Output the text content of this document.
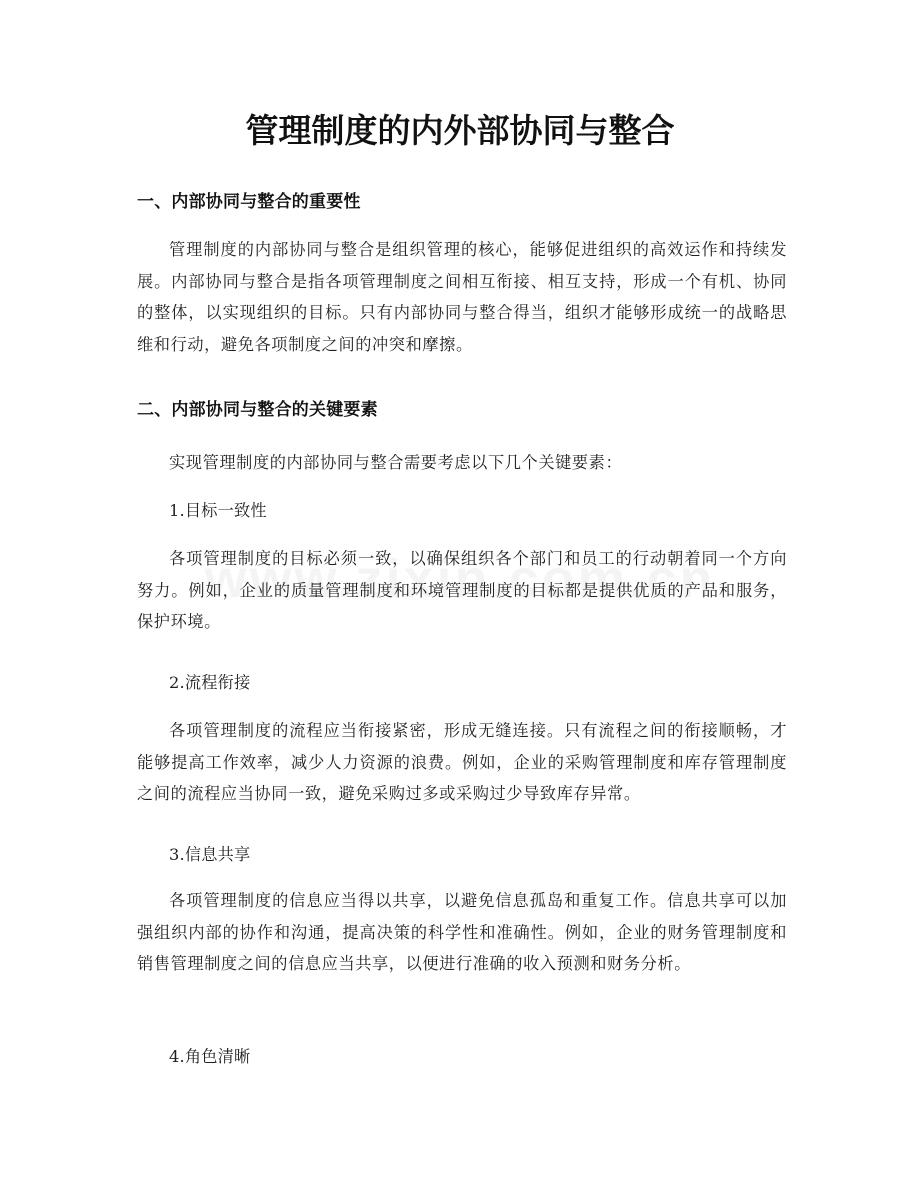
管理制度的内外部协同与整合
一、内部协同与整合的重要性

管理制度的内部协同与整合是组织管理的核心，能够促进组织的高效运作和持续发展。内部协同与整合是指各项管理制度之间相互衔接、相互支持，形成一个有机、协同的整体，以实现组织的目标。只有内部协同与整合得当，组织才能够形成统一的战略思维和行动，避免各项制度之间的冲突和摩擦。

二、内部协同与整合的关键要素

实现管理制度的内部协同与整合需要考虑以下几个关键要素：

1.目标一致性

各项管理制度的目标必须一致，以确保组织各个部门和员工的行动朝着同一个方向努力。例如，企业的质量管理制度和环境管理制度的目标都是提供优质的产品和服务，保护环境。

2.流程衔接

各项管理制度的流程应当衔接紧密，形成无缝连接。只有流程之间的衔接顺畅，才能够提高工作效率，减少人力资源的浪费。例如，企业的采购管理制度和库存管理制度之间的流程应当协同一致，避免采购过多或采购过少导致库存异常。

3.信息共享

各项管理制度的信息应当得以共享，以避免信息孤岛和重复工作。信息共享可以加强组织内部的协作和沟通，提高决策的科学性和准确性。例如，企业的财务管理制度和销售管理制度之间的信息应当共享，以便进行准确的收入预测和财务分析。

4.角色清晰
